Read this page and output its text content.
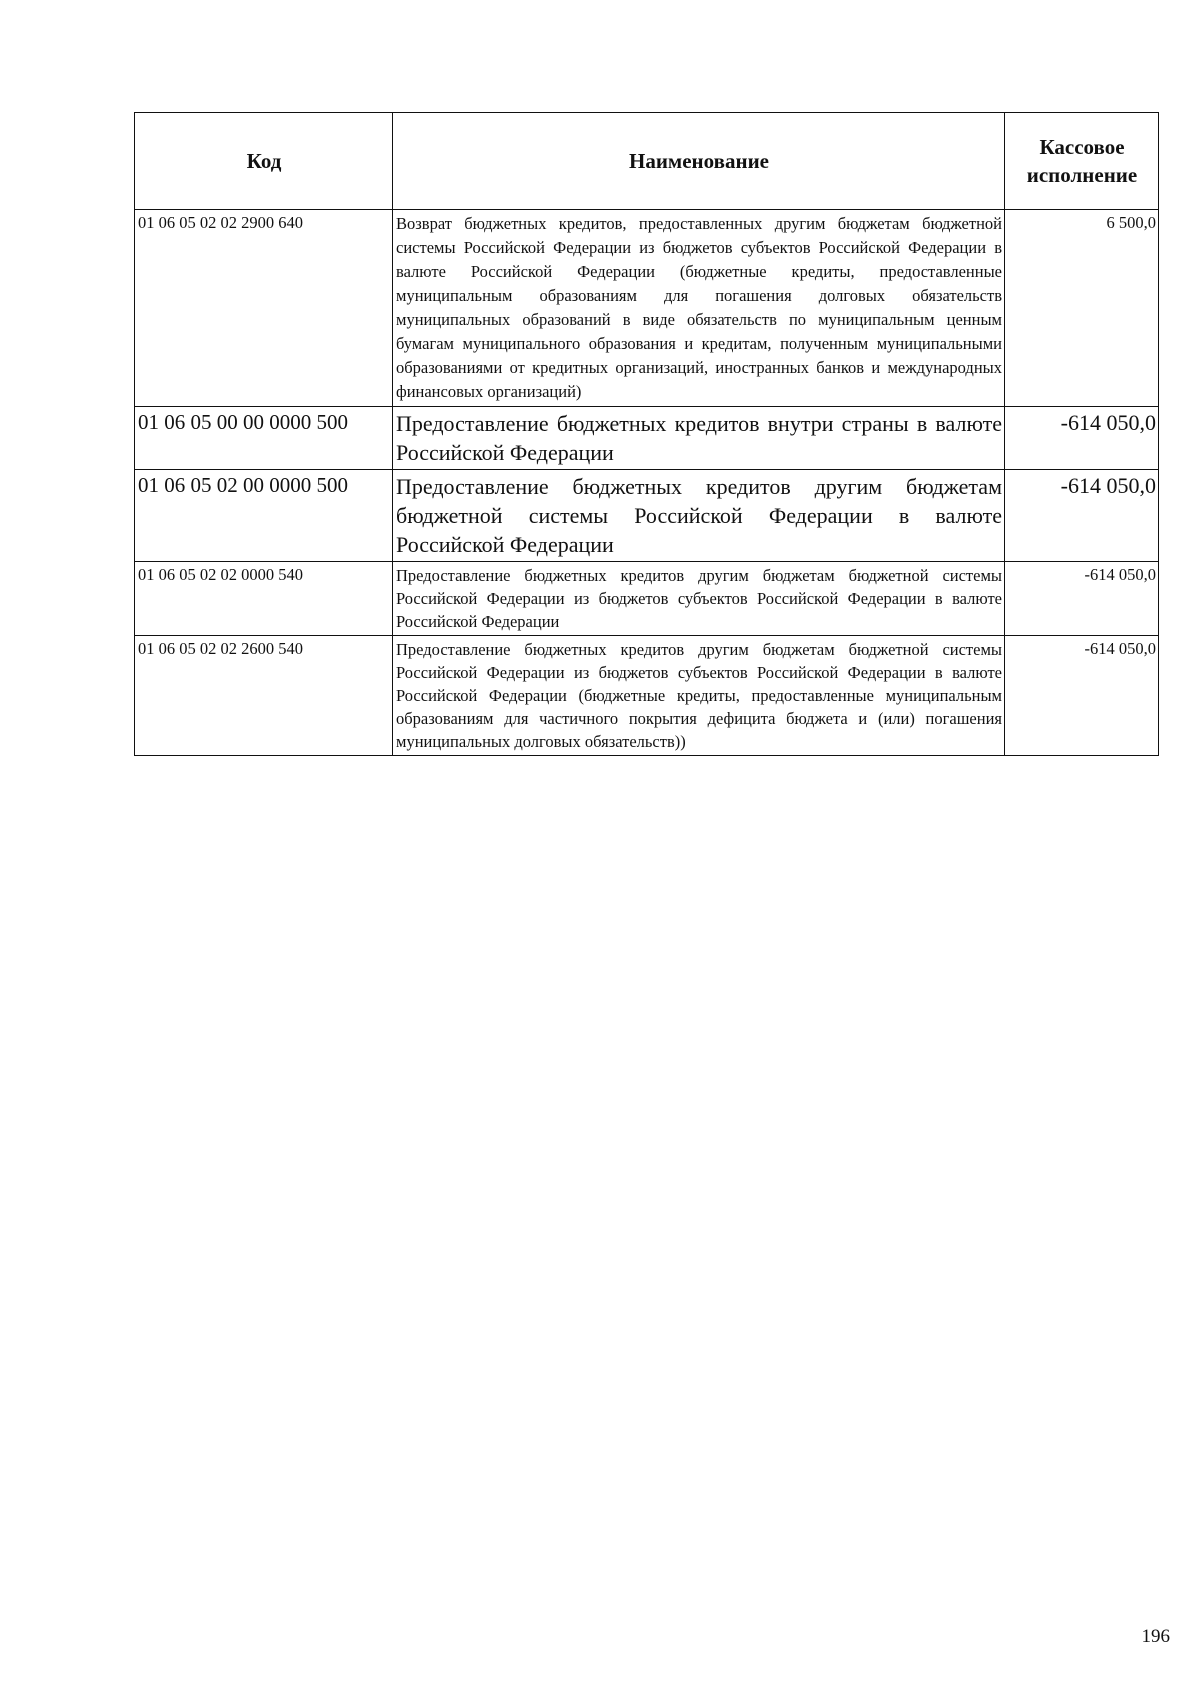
Код	Наименование	Кассовое исполнение
01 06 05 02 02 2900 640	Возврат бюджетных кредитов, предоставленных другим бюджетам бюджетной системы Российской Федерации из бюджетов субъектов Российской Федерации в валюте Российской Федерации (бюджетные кредиты, предоставленные муниципальным образованиям для погашения долговых обязательств муниципальных образований в виде обязательств по муниципальным ценным бумагам муниципального образования и кредитам, полученным муниципальными образованиями от кредитных организаций, иностранных банков и международных финансовых организаций)	6 500,0
01 06 05 00 00 0000 500	Предоставление бюджетных кредитов внутри страны в валюте Российской Федерации	-614 050,0
01 06 05 02 00 0000 500	Предоставление бюджетных кредитов другим бюджетам бюджетной системы Российской Федерации в валюте Российской Федерации	-614 050,0
01 06 05 02 02 0000 540	Предоставление бюджетных кредитов другим бюджетам бюджетной системы Российской Федерации из бюджетов субъектов Российской Федерации в валюте Российской Федерации	-614 050,0
01 06 05 02 02 2600 540	Предоставление бюджетных кредитов другим бюджетам бюджетной системы Российской Федерации из бюджетов субъектов Российской Федерации в валюте Российской Федерации (бюджетные кредиты, предоставленные муниципальным образованиям для частичного покрытия дефицита бюджета и (или) погашения муниципальных долговых обязательств))	-614 050,0
196
